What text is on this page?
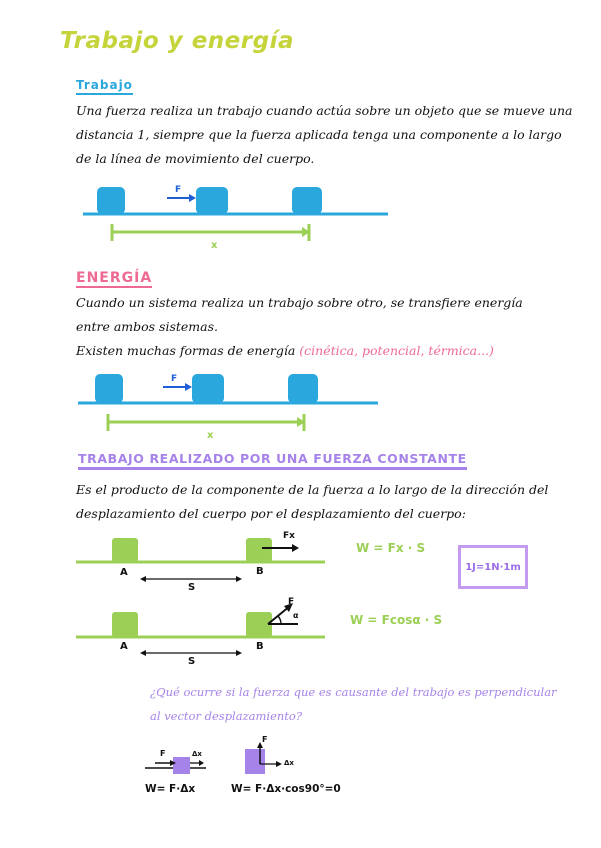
Trabajo y energía
Trabajo
Una fuerza realiza un trabajo cuando actúa sobre un objeto que se mueve una distancia 1, siempre que la fuerza aplicada tenga una componente a lo largo de la línea de movimiento del cuerpo.
F
x
ENERGÍA
Cuando un sistema realiza un trabajo sobre otro, se transfiere energía entre ambos sistemas.
Existen muchas formas de energía (cinética, potencial, térmica...)
F
x
TRABAJO REALIZADO POR UNA FUERZA CONSTANTE
Es el producto de la componente de la fuerza a lo largo de la dirección del desplazamiento del cuerpo por el desplazamiento del cuerpo:
A	B
S
Fx
W = Fx · S
1J=1N·1m
A	B
S
F
α	W = Fcosα · S
¿Qué ocurre si la fuerza que es causante del trabajo es perpendicular al vector desplazamiento?
F	Δx
W= F·Δx
F
Δx
W= F·Δx·cos90°=0
